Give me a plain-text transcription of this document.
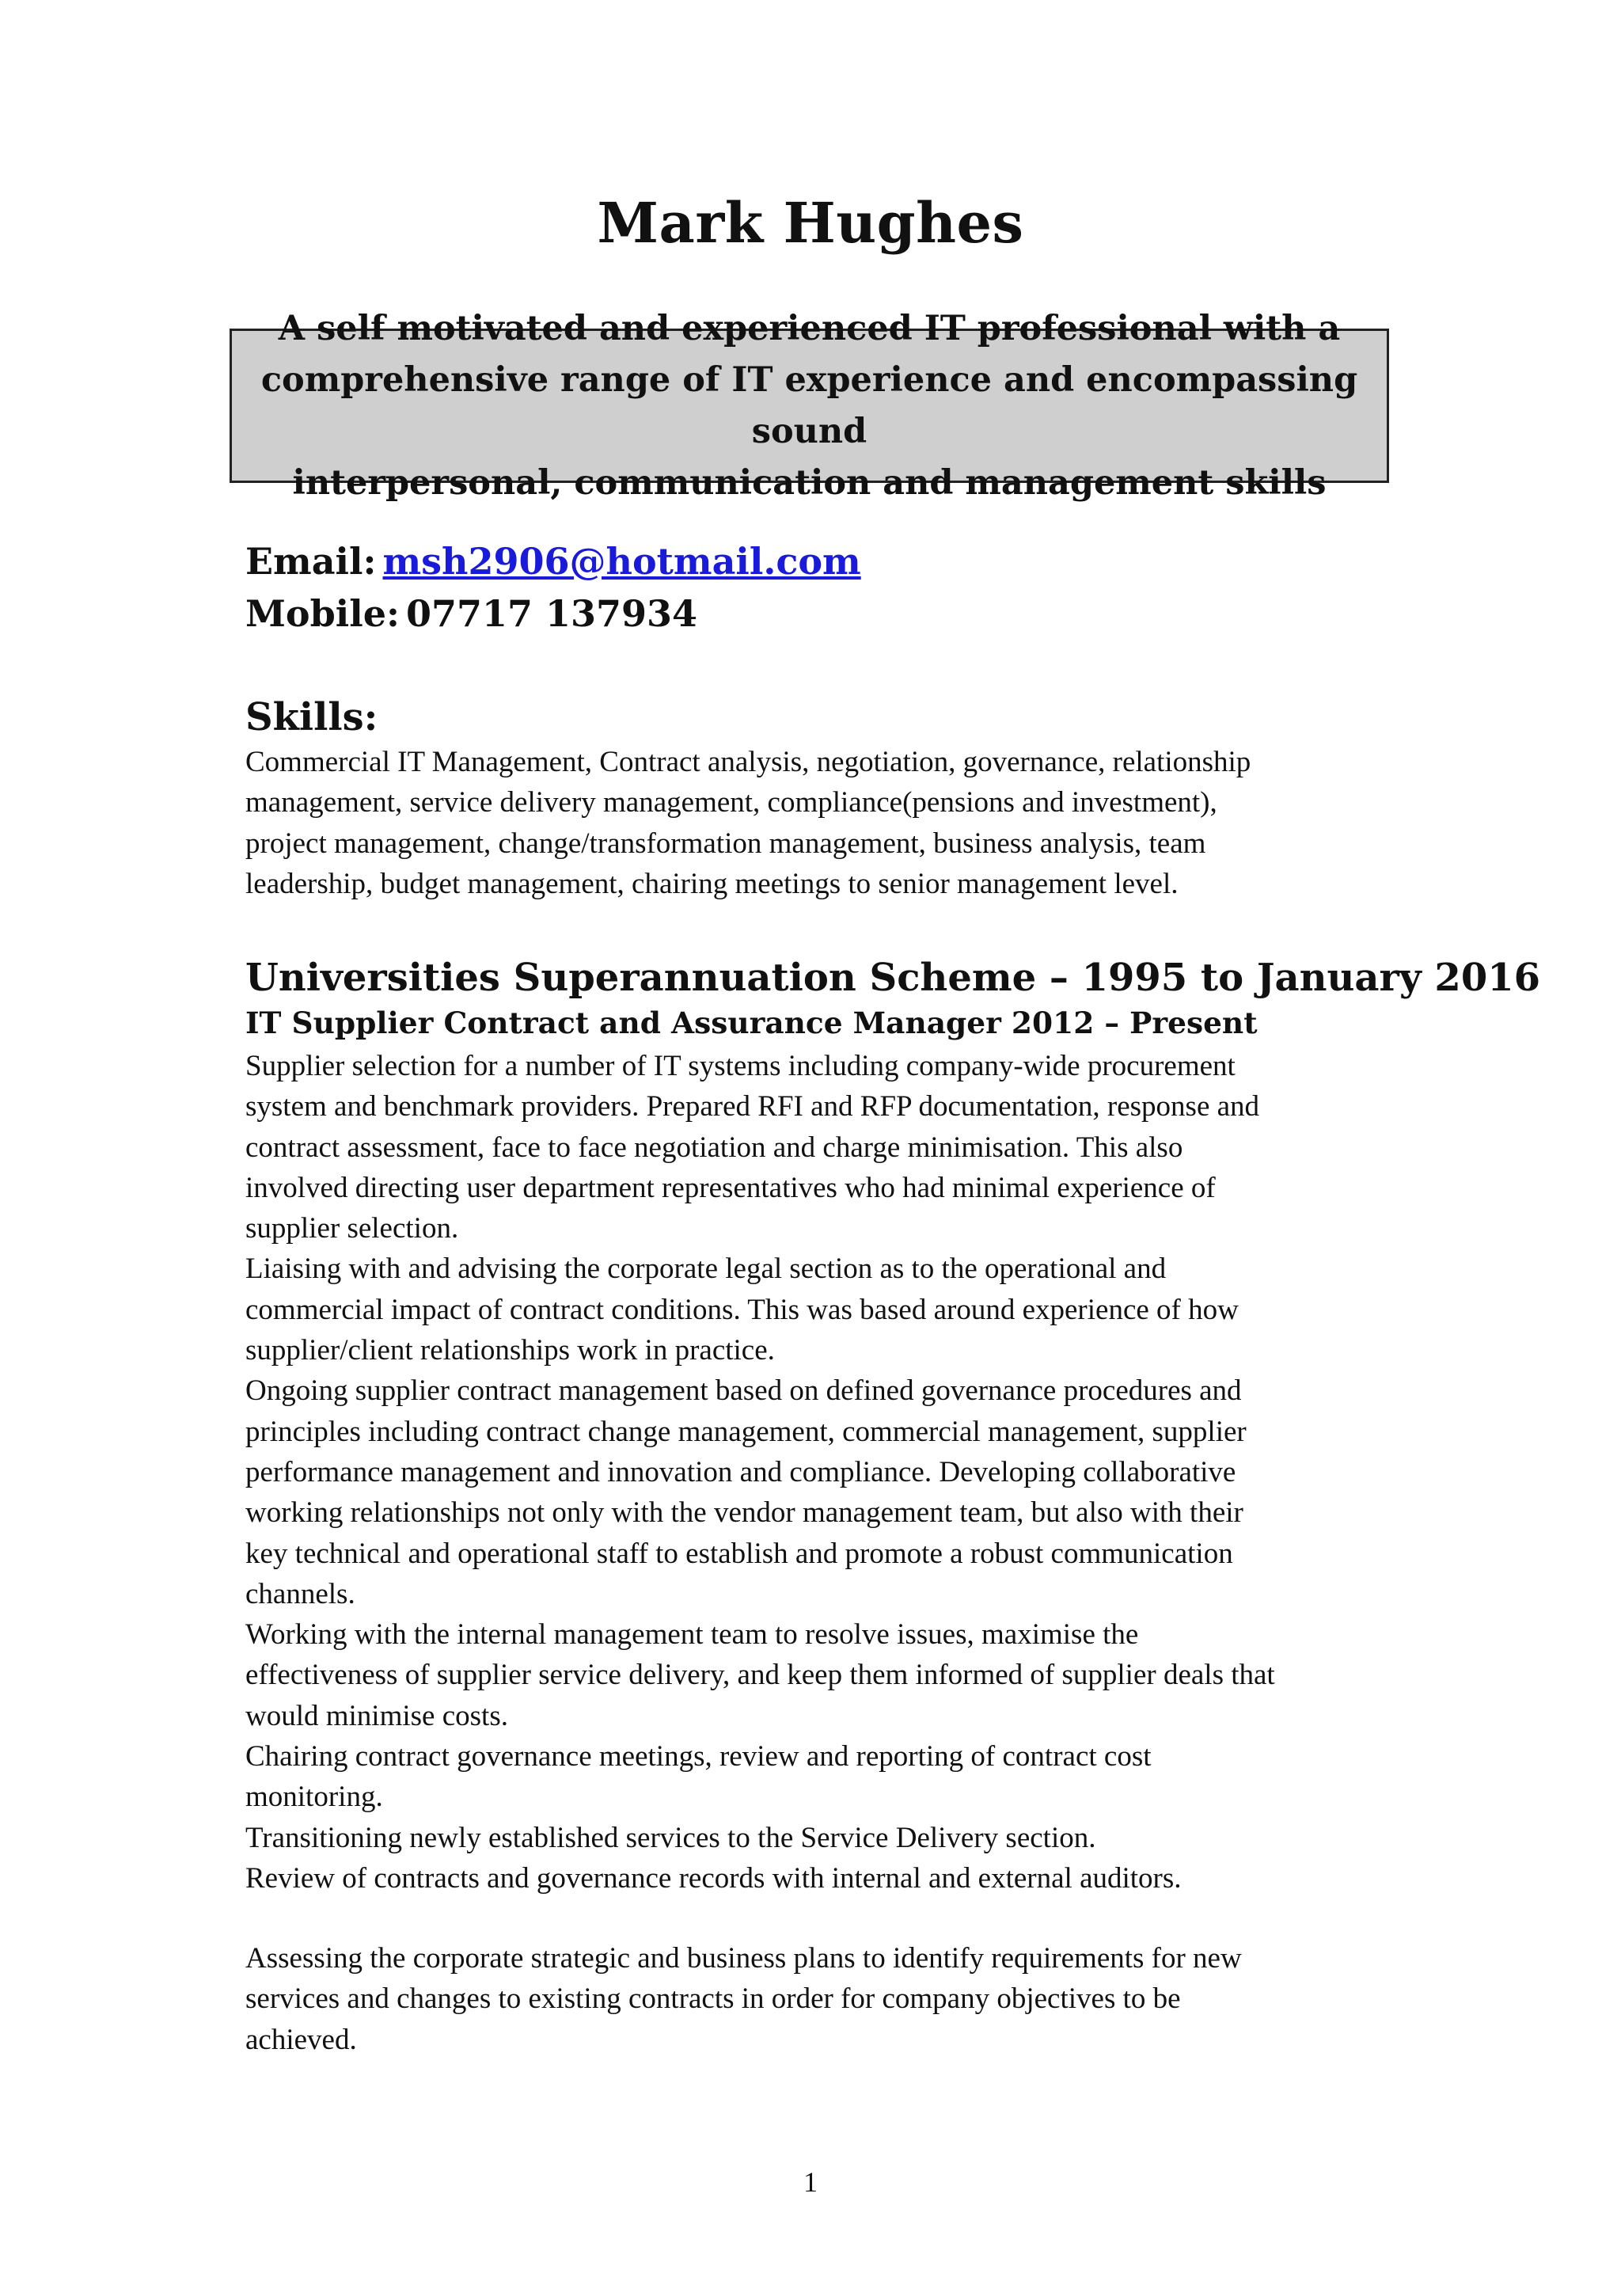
Mark Hughes
A self motivated and experienced IT professional with a
comprehensive range of IT experience and encompassing sound
interpersonal, communication and management skills
Email: msh2906@hotmail.com
Mobile: 07717 137934
Skills:
Commercial IT Management, Contract analysis, negotiation, governance, relationship
management, service delivery management, compliance(pensions and investment),
project management, change/transformation management, business analysis, team
leadership, budget management, chairing meetings to senior management level.
Universities Superannuation Scheme – 1995 to January 2016
IT Supplier Contract and Assurance Manager 2012 – Present
Supplier selection for a number of IT systems including company-wide procurement
system and benchmark providers. Prepared RFI and RFP documentation, response and
contract assessment, face to face negotiation and charge minimisation. This also
involved directing user department representatives who had minimal experience of
supplier selection.
Liaising with and advising the corporate legal section as to the operational and
commercial impact of contract conditions. This was based around experience of how
supplier/client relationships work in practice.
Ongoing supplier contract management based on defined governance procedures and
principles including contract change management, commercial management, supplier
performance management and innovation and compliance. Developing collaborative
working relationships not only with the vendor management team, but also with their
key technical and operational staff to establish and promote a robust communication
channels.
Working with the internal management team to resolve issues, maximise the
effectiveness of supplier service delivery, and keep them informed of supplier deals that
would minimise costs.
Chairing contract governance meetings, review and reporting of contract cost
monitoring.
Transitioning newly established services to the Service Delivery section.
Review of contracts and governance records with internal and external auditors.
Assessing the corporate strategic and business plans to identify requirements for new
services and changes to existing contracts in order for company objectives to be
achieved.
1
